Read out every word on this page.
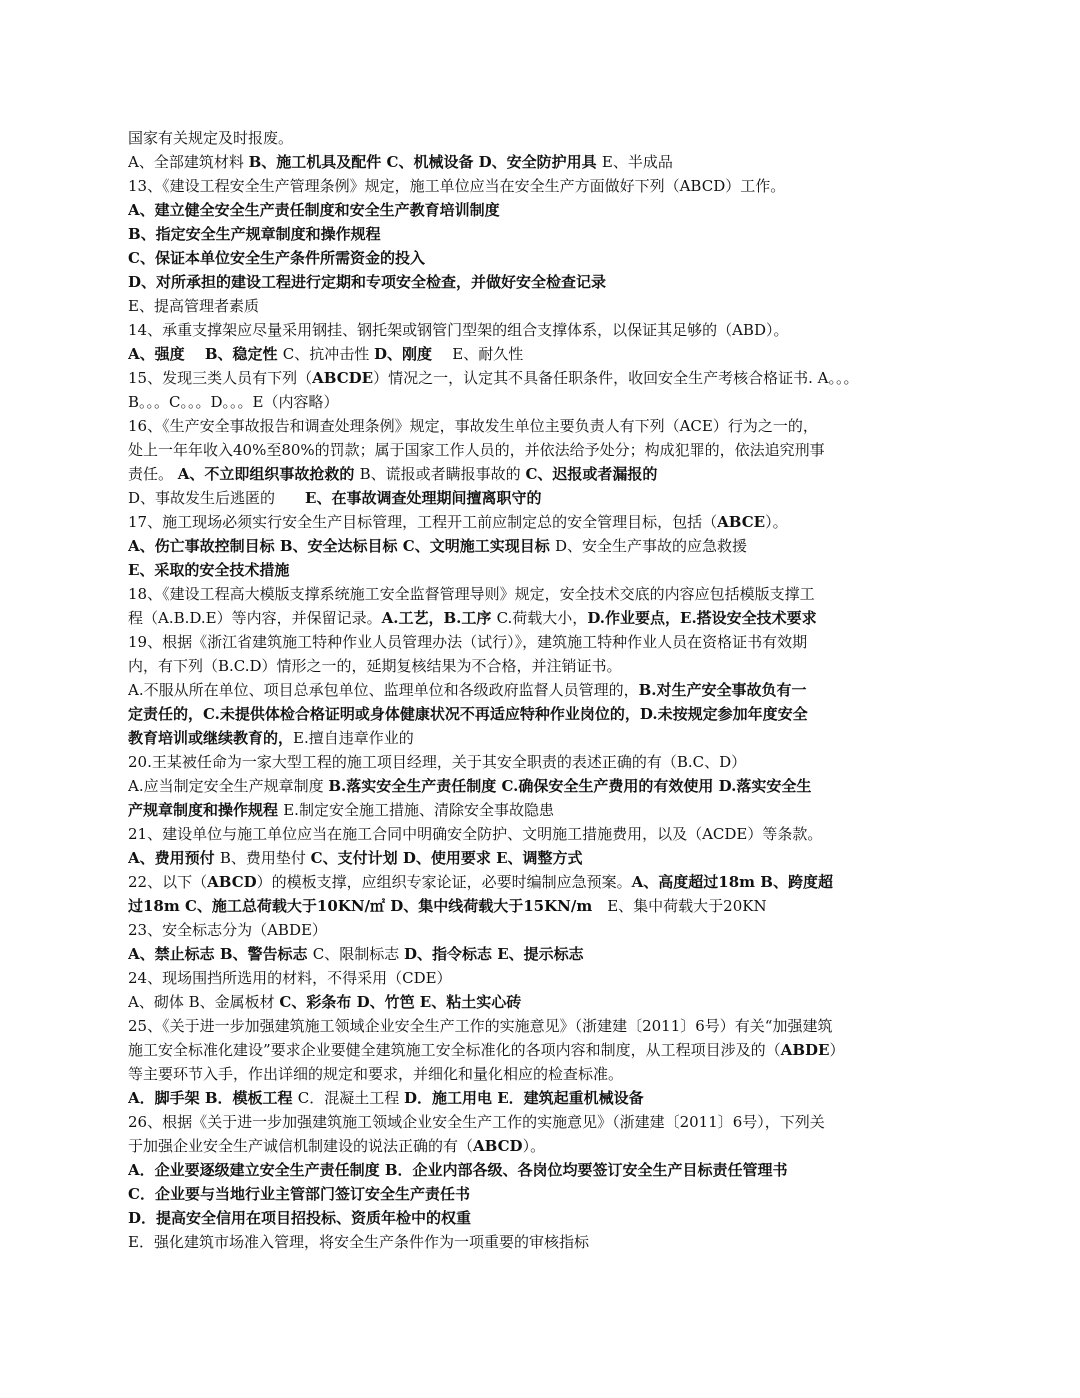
国家有关规定及时报废。
A、全部建筑材料 B、施工机具及配件 C、机械设备 D、安全防护用具 E、半成品
13、《建设工程安全生产管理条例》规定，施工单位应当在安全生产方面做好下列（ABCD）工作。
A、建立健全安全生产责任制度和安全生产教育培训制度
B、指定安全生产规章制度和操作规程
C、保证本单位安全生产条件所需资金的投入
D、对所承担的建设工程进行定期和专项安全检查，并做好安全检查记录
E、提高管理者素质
14、承重支撑架应尽量采用钢挂、钢托架或钢管门型架的组合支撑体系，以保证其足够的（ABD）。
A、强度　 B、稳定性 C、抗冲击性 D、刚度 　E、耐久性
15、发现三类人员有下列（ABCDE）情况之一，认定其不具备任职条件，收回安全生产考核合格证书. A。。。
B。。。C。。。D。。。E（内容略）
16、《生产安全事故报告和调查处理条例》规定，事故发生单位主要负责人有下列（ACE）行为之一的，
处上一年年收入40%至80%的罚款；属于国家工作人员的，并依法给予处分；构成犯罪的，依法追究刑事
责任。 A、不立即组织事故抢救的 B、谎报或者瞒报事故的 C、迟报或者漏报的
D、事故发生后逃匿的　　E、在事故调查处理期间擅离职守的
17、施工现场必须实行安全生产目标管理，工程开工前应制定总的安全管理目标，包括（ABCE）。
A、伤亡事故控制目标 B、安全达标目标 C、文明施工实现目标 D、安全生产事故的应急救援
E、采取的安全技术措施
18、《建设工程高大模版支撑系统施工安全监督管理导则》规定，安全技术交底的内容应包括模版支撑工
程（A.B.D.E）等内容，并保留记录。A.工艺，B.工序 C.荷载大小，D.作业要点，E.搭设安全技术要求
19、根据《浙江省建筑施工特种作业人员管理办法（试行）》，建筑施工特种作业人员在资格证书有效期
内，有下列（B.C.D）情形之一的，延期复核结果为不合格，并注销证书。
A.不服从所在单位、项目总承包单位、监理单位和各级政府监督人员管理的，B.对生产安全事故负有一
定责任的，C.未提供体检合格证明或身体健康状况不再适应特种作业岗位的，D.未按规定参加年度安全
教育培训或继续教育的，E.擅自违章作业的
20.王某被任命为一家大型工程的施工项目经理，关于其安全职责的表述正确的有（B.C、D）
A.应当制定安全生产规章制度 B.落实安全生产责任制度 C.确保安全生产费用的有效使用 D.落实安全生
产规章制度和操作规程 E.制定安全施工措施、清除安全事故隐患
21、建设单位与施工单位应当在施工合同中明确安全防护、文明施工措施费用，以及（ACDE）等条款。
A、费用预付 B、费用垫付 C、支付计划 D、使用要求 E、调整方式
22、以下（ABCD）的模板支撑，应组织专家论证，必要时编制应急预案。A、高度超过18m B、跨度超
过18m C、施工总荷载大于10KN/㎡ D、集中线荷载大于15KN/m　E、集中荷载大于20KN
23、安全标志分为（ABDE）
A、禁止标志 B、警告标志 C、限制标志 D、指令标志 E、提示标志
24、现场围挡所选用的材料，不得采用（CDE）
A、砌体 B、金属板材 C、彩条布 D、竹笆 E、粘土实心砖
25、《关于进一步加强建筑施工领域企业安全生产工作的实施意见》（浙建建〔2011〕6号）有关“加强建筑
施工安全标准化建设”要求企业要健全建筑施工安全标准化的各项内容和制度，从工程项目涉及的（ABDE）
等主要环节入手，作出详细的规定和要求，并细化和量化相应的检查标准。
A．脚手架 B．模板工程 C．混凝土工程 D．施工用电 E．建筑起重机械设备
26、根据《关于进一步加强建筑施工领域企业安全生产工作的实施意见》（浙建建〔2011〕6号），下列关
于加强企业安全生产诚信机制建设的说法正确的有（ABCD）。
A．企业要逐级建立安全生产责任制度 B．企业内部各级、各岗位均要签订安全生产目标责任管理书
C．企业要与当地行业主管部门签订安全生产责任书
D．提高安全信用在项目招投标、资质年检中的权重
E．强化建筑市场准入管理，将安全生产条件作为一项重要的审核指标
